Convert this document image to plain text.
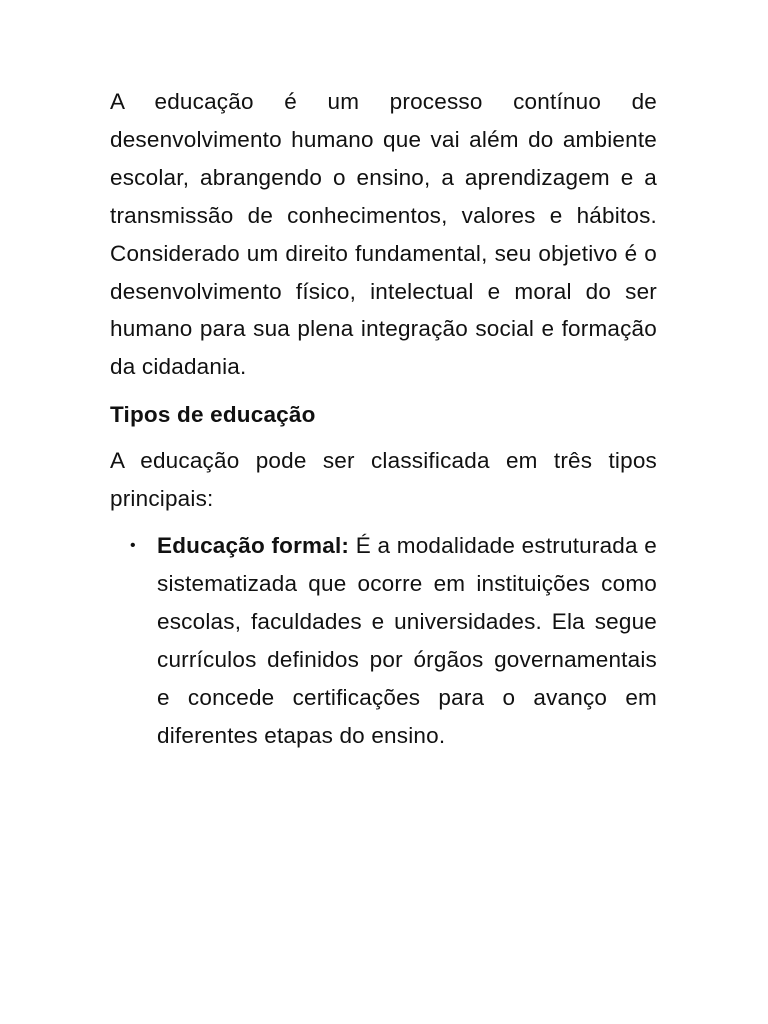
A educação é um processo contínuo de desenvolvimento humano que vai além do ambiente escolar, abrangendo o ensino, a aprendizagem e a transmissão de conhecimentos, valores e hábitos. Considerado um direito fundamental, seu objetivo é o desenvolvimento físico, intelectual e moral do ser humano para sua plena integração social e formação da cidadania.

Tipos de educação

A educação pode ser classificada em três tipos principais:

• Educação formal: É a modalidade estruturada e sistematizada que ocorre em instituições como escolas, faculdades e universidades. Ela segue currículos definidos por órgãos governamentais e concede certificações para o avanço em diferentes etapas do ensino.
